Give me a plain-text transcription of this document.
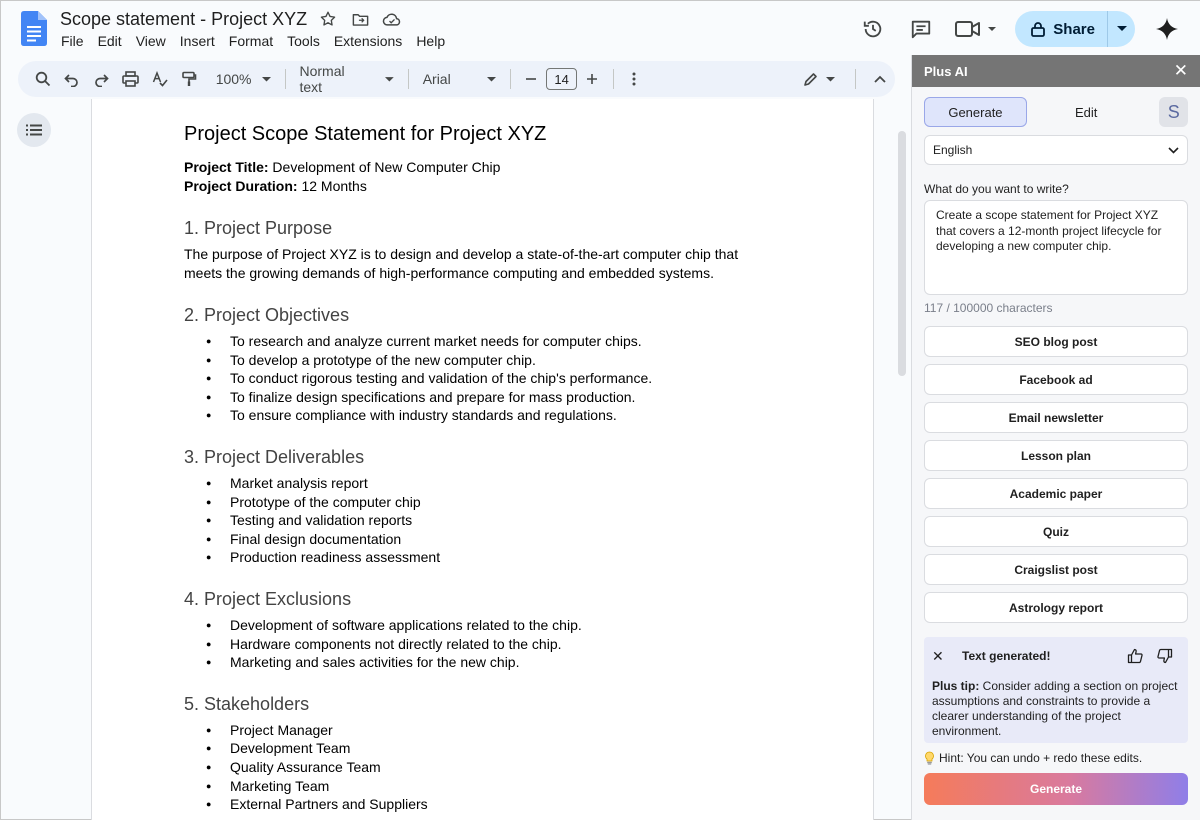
Scope statement - Project XYZ
File	Edit	View	Insert	Format	Tools	Extensions	Help
Share
100%	Normal text	Arial	14
Project Scope Statement for Project XYZ
Project Title: Development of New Computer Chip
Project Duration: 12 Months
1. Project Purpose
The purpose of Project XYZ is to design and develop a state-of-the-art computer chip that meets the growing demands of high-performance computing and embedded systems.
2. Project Objectives
● To research and analyze current market needs for computer chips.
● To develop a prototype of the new computer chip.
● To conduct rigorous testing and validation of the chip's performance.
● To finalize design specifications and prepare for mass production.
● To ensure compliance with industry standards and regulations.
3. Project Deliverables
● Market analysis report
● Prototype of the computer chip
● Testing and validation reports
● Final design documentation
● Production readiness assessment
4. Project Exclusions
● Development of software applications related to the chip.
● Hardware components not directly related to the chip.
● Marketing and sales activities for the new chip.
5. Stakeholders
● Project Manager
● Development Team
● Quality Assurance Team
● Marketing Team
● External Partners and Suppliers
Plus AI	✕
Generate	Edit	S
English
What do you want to write?
Create a scope statement for Project XYZ that covers a 12-month project lifecycle for developing a new computer chip.
117 / 100000 characters
SEO blog post
Facebook ad
Email newsletter
Lesson plan
Academic paper
Quiz
Craigslist post
Astrology report
✕ Text generated!
Plus tip: Consider adding a section on project assumptions and constraints to provide a clearer understanding of the project environment.
Hint: You can undo + redo these edits.
Generate
